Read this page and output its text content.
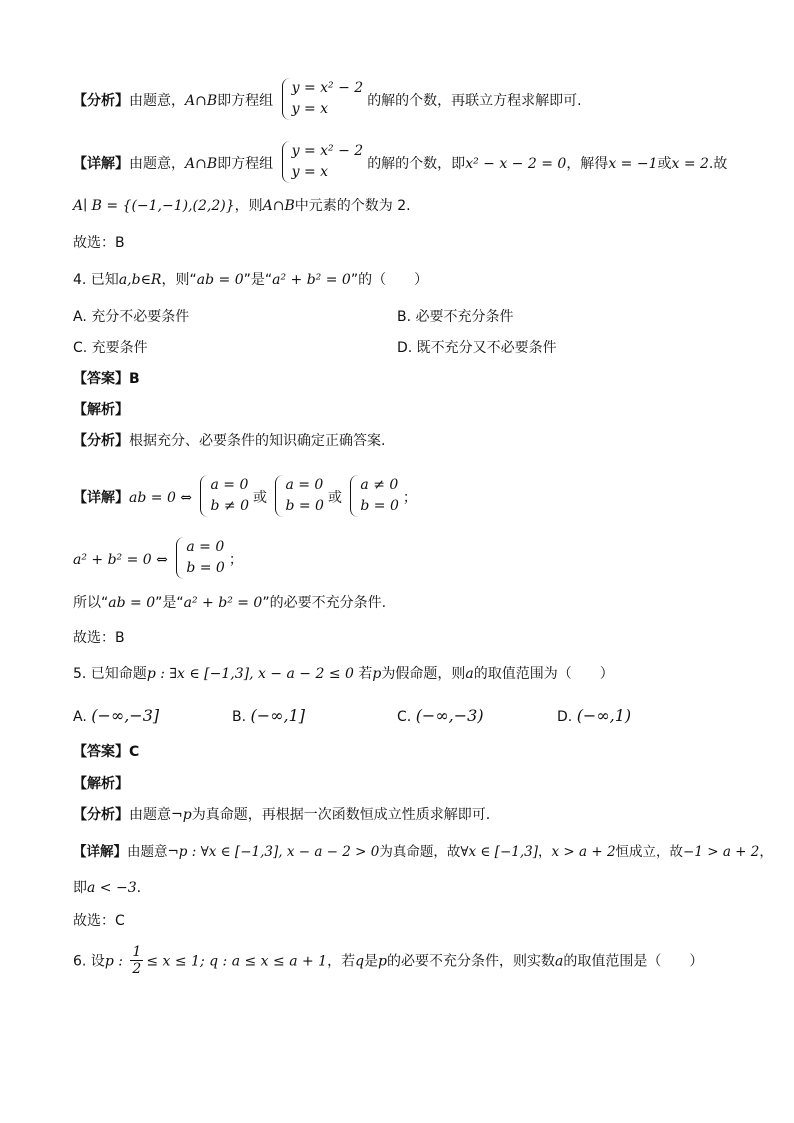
【分析】由题意，A∩B即方程组
y = x² − 2
y = x	的解的个数，再联立方程求解即可.
【详解】由题意，A∩B即方程组
y = x² − 2
y = x	的解的个数，即x² − x − 2 = 0，解得x = −1或x = 2.故
A∣ B = {(−1,−1),(2,2)}，则A∩B中元素的个数为 2.
故选：B
4. 已知a,b∈R，则“ab = 0”是“a² + b² = 0”的（　　）
A. 充分不必要条件	B. 必要不充分条件
C. 充要条件	D. 既不充分又不必要条件
【答案】B
【解析】
【分析】根据充分、必要条件的知识确定正确答案.
【详解】ab = 0 ⇔
a = 0
b ≠ 0 或
a = 0
b = 0 或
a ≠ 0
b = 0 ；
a² + b² = 0 ⇔
a = 0
b = 0 ；
所以“ab = 0”是“a² + b² = 0”的必要不充分条件.
故选：B
5. 已知命题p : ∃x ∈ [−1,3], x − a − 2 ≤ 0 若p为假命题，则a的取值范围为（　　）
A. (−∞,−3]	B. (−∞,1]	C. (−∞,−3)	D. (−∞,1)
【答案】C
【解析】
【分析】由题意¬p为真命题，再根据一次函数恒成立性质求解即可.
【详解】由题意¬p : ∀x ∈ [−1,3], x − a − 2 > 0为真命题，故∀x ∈ [−1,3]，x > a + 2恒成立，故−1 > a + 2，
即a < −3.
故选：C
6. 设p : $\frac{1}{2} \le x \le 1$; q : a ≤ x ≤ a + 1，若q是p的必要不充分条件，则实数a的取值范围是（　　）
